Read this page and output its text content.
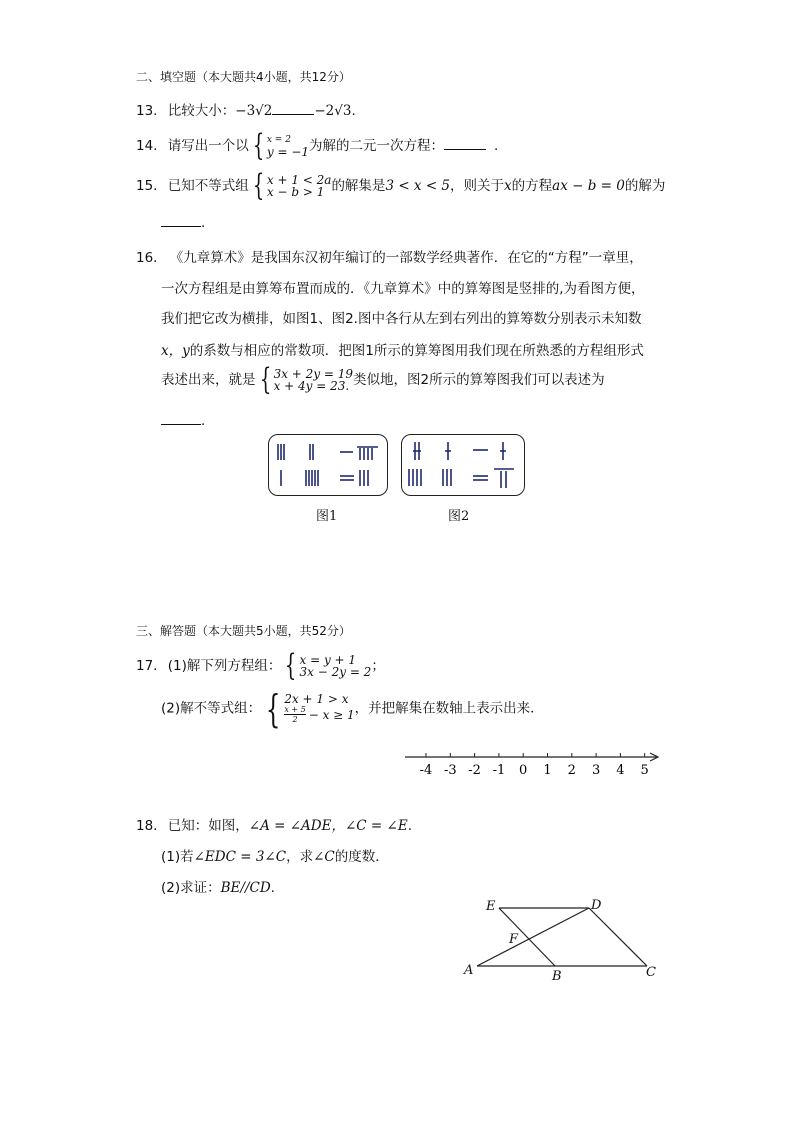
二、填空题（本大题共4小题，共12分）
13. 比较大小：−3√2	−2√3.
14. 请写出一个以 { x = 2
y = −1 为解的二元一次方程：	.
15. 已知不等式组 { x + 1 < 2a
x − b > 1 的解集是3 < x < 5，则关于x的方程ax − b = 0的解为
.
16. 《九章算术》是我国东汉初年编订的一部数学经典著作．在它的“方程”一章里，
一次方程组是由算筹布置而成的．《九章算术》中的算筹图是竖排的,为看图方便，
我们把它改为横排，如图1、图2.图中各行从左到右列出的算筹数分别表示未知数
x，y的系数与相应的常数项．把图1所示的算筹图用我们现在所熟悉的方程组形式
表述出来，就是 { 3x + 2y = 19
x + 4y = 23. 类似地，图2所示的算筹图我们可以表述为
.
图1	图2
三、解答题（本大题共5小题，共52分）
17. (1)解下列方程组： { x = y + 1
3x − 2y = 2 ；
(2)解不等式组： { 2x + 1 > x
$\frac{x + 5}{2} - x \ge 1$ ，并把解集在数轴上表示出来．
-4 -3 -2 -1 0 1 2 3 4 5
18. 已知：如图，∠A = ∠ADE，∠C = ∠E.
(1)若∠EDC = 3∠C，求∠C的度数．
(2)求证：BE//CD.
E	D
F
A	B	C
